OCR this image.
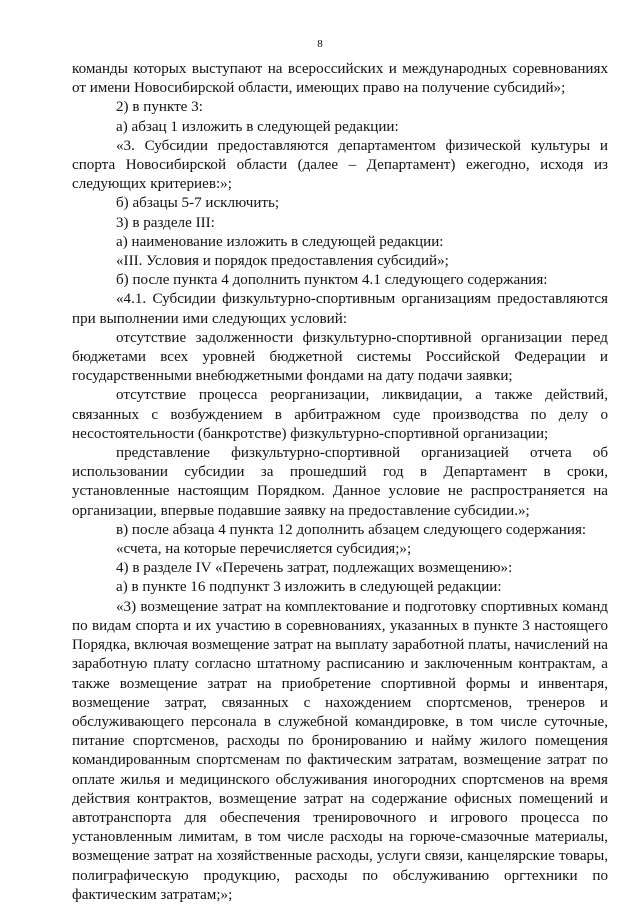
8

команды которых выступают на всероссийских и международных соревнованиях от имени Новосибирской области, имеющих право на получение субсидий»;

2) в пункте 3:

а) абзац 1 изложить в следующей редакции:

«3. Субсидии предоставляются департаментом физической культуры и спорта Новосибирской области (далее – Департамент) ежегодно, исходя из следующих критериев:»;

б) абзацы 5-7 исключить;

3) в разделе III:

а) наименование изложить в следующей редакции:

«III. Условия и порядок предоставления субсидий»;

б) после пункта 4 дополнить пунктом 4.1 следующего содержания:

«4.1. Субсидии физкультурно-спортивным организациям предоставляются при выполнении ими следующих условий:

отсутствие задолженности физкультурно-спортивной организации перед бюджетами всех уровней бюджетной системы Российской Федерации и государственными внебюджетными фондами на дату подачи заявки;

отсутствие процесса реорганизации, ликвидации, а также действий, связанных с возбуждением в арбитражном суде производства по делу о несостоятельности (банкротстве) физкультурно-спортивной организации;

представление физкультурно-спортивной организацией отчета об использовании субсидии за прошедший год в Департамент в сроки, установленные настоящим Порядком. Данное условие не распространяется на организации, впервые подавшие заявку на предоставление субсидии.»;

в) после абзаца 4 пункта 12 дополнить абзацем следующего содержания:

«счета, на которые перечисляется субсидия;»;

4) в разделе IV «Перечень затрат, подлежащих возмещению»:

а) в пункте 16 подпункт 3 изложить в следующей редакции:

«3) возмещение затрат на комплектование и подготовку спортивных команд по видам спорта и их участию в соревнованиях, указанных в пункте 3 настоящего Порядка, включая возмещение затрат на выплату заработной платы, начислений на заработную плату согласно штатному расписанию и заключенным контрактам, а также возмещение затрат на приобретение спортивной формы и инвентаря, возмещение затрат, связанных с нахождением спортсменов, тренеров и обслуживающего персонала в служебной командировке, в том числе суточные, питание спортсменов, расходы по бронированию и найму жилого помещения командированным спортсменам по фактическим затратам, возмещение затрат по оплате жилья и медицинского обслуживания иногородних спортсменов на время действия контрактов, возмещение затрат на содержание офисных помещений и автотранспорта для обеспечения тренировочного и игрового процесса по установленным лимитам, в том числе расходы на горюче-смазочные материалы, возмещение затрат на хозяйственные расходы, услуги связи, канцелярские товары, полиграфическую продукцию, расходы по обслуживанию оргтехники по фактическим затратам;»;
